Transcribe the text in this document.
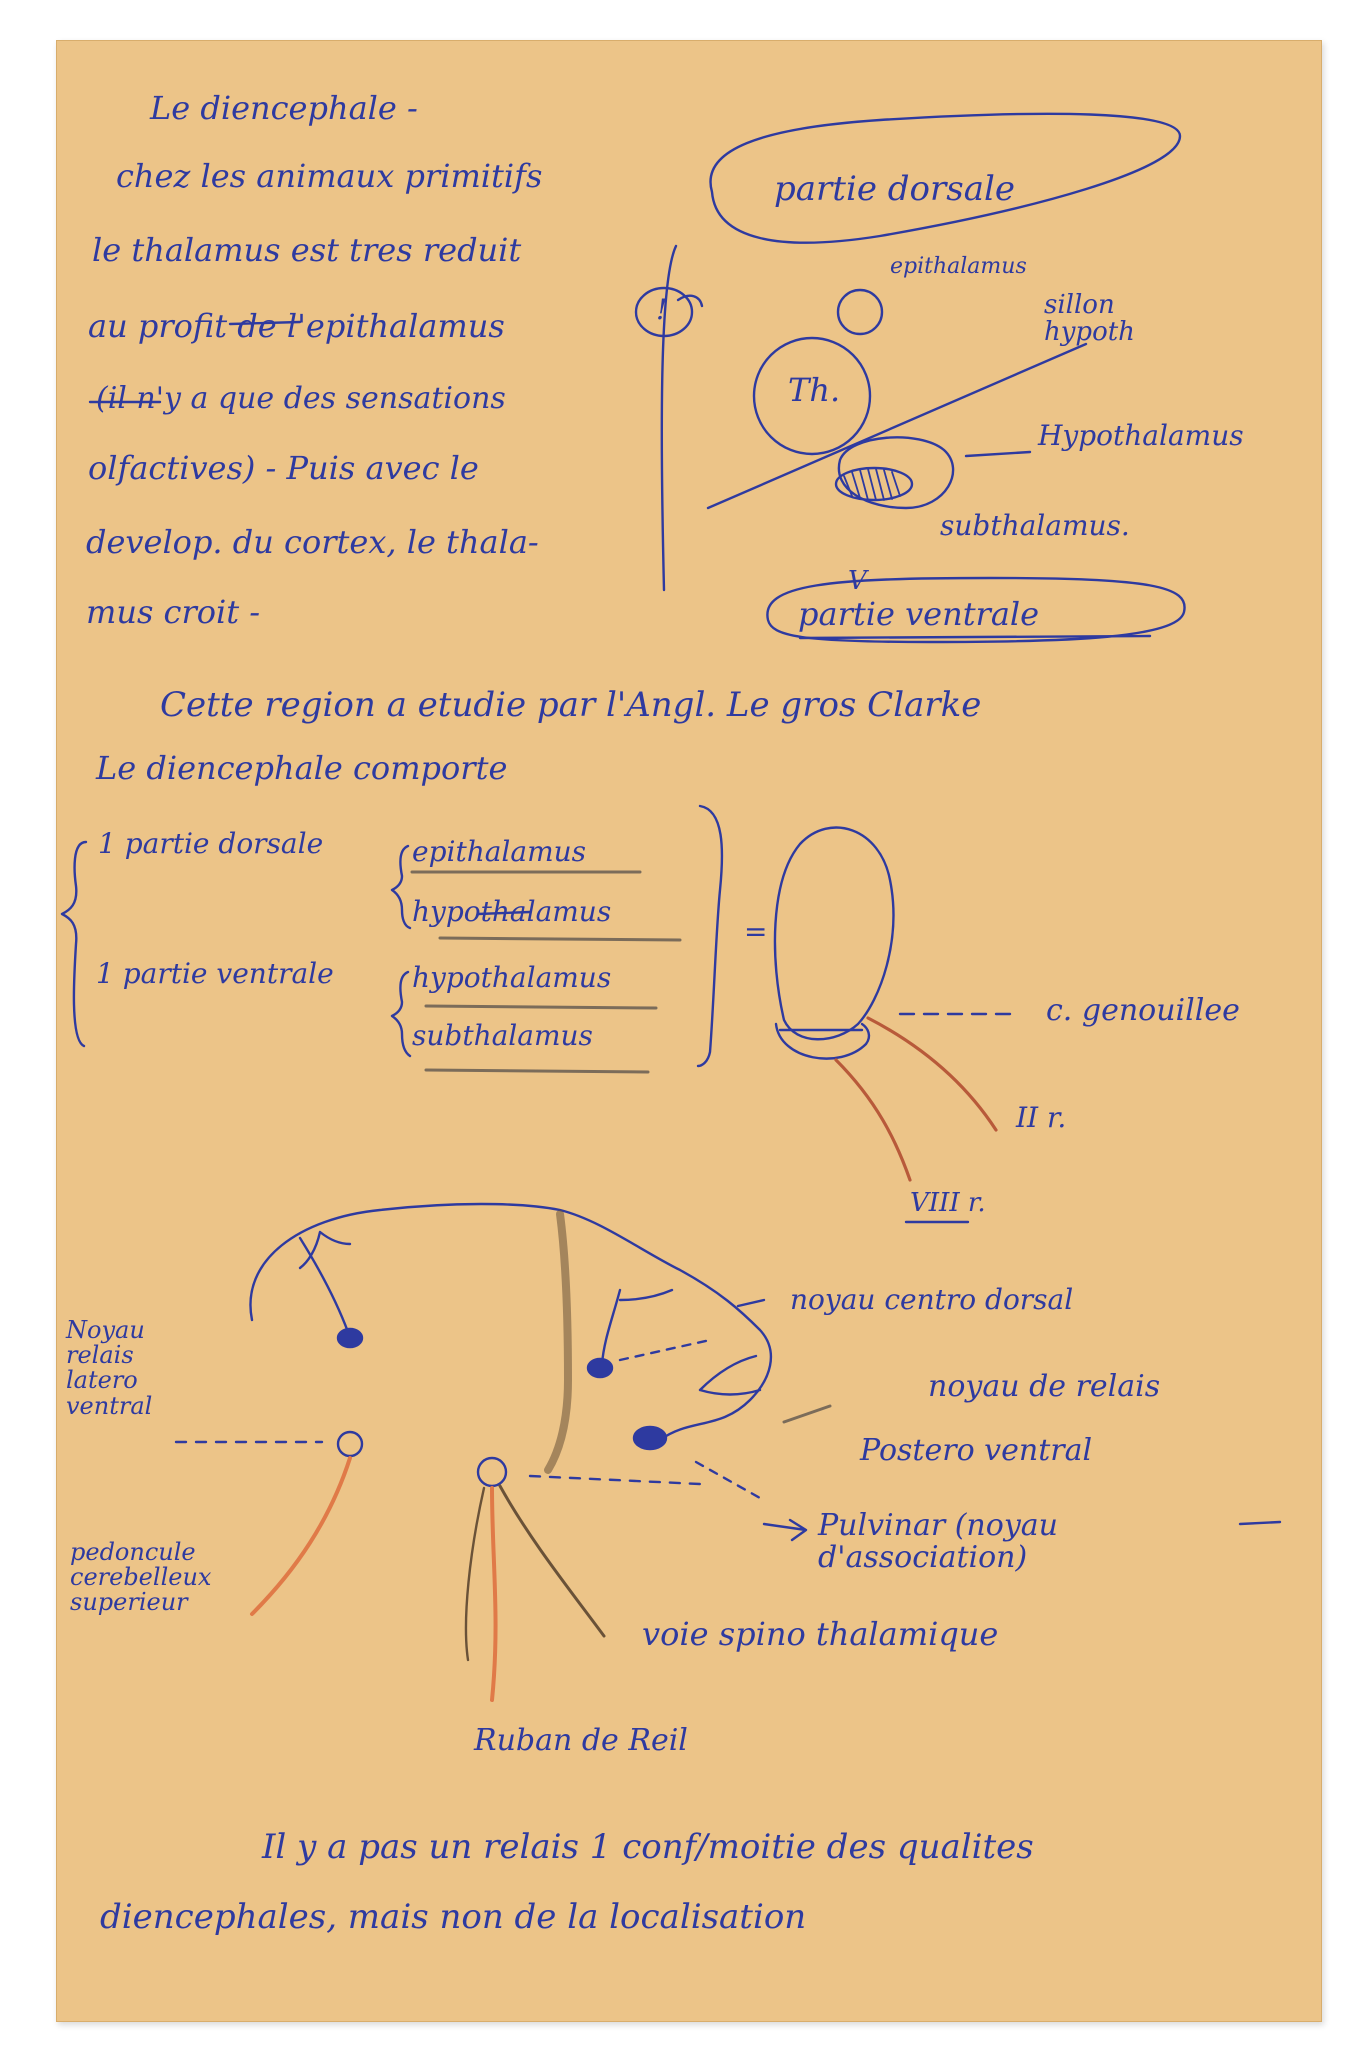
Le diencephale -
chez les animaux primitifs
le thalamus est tres reduit
au profit de l'epithalamus
(il n'y a que des sensations
olfactives) - Puis avec le
develop. du cortex, le thala-
mus croit -
Cette region a etudie par l'Angl. Le gros Clarke
Le diencephale comporte
1 partie dorsale	epithalamus
hypothalamus
1 partie ventrale	hypothalamus
subthalamus
Il y a pas un relais 1 conf/moitie des qualites
diencephales, mais non de la localisation
partie dorsale
epithalamus
sillon
hypoth
Th.
Hypothalamus
subthalamus.
V
partie ventrale
!
=
c. genouillee
II r.
VIII r.
Noyau
relais
latero
ventral
noyau centro dorsal
noyau de relais
Postero ventral
Pulvinar (noyau
d'association)
pedoncule
cerebelleux
superieur
voie spino thalamique
Ruban de Reil
